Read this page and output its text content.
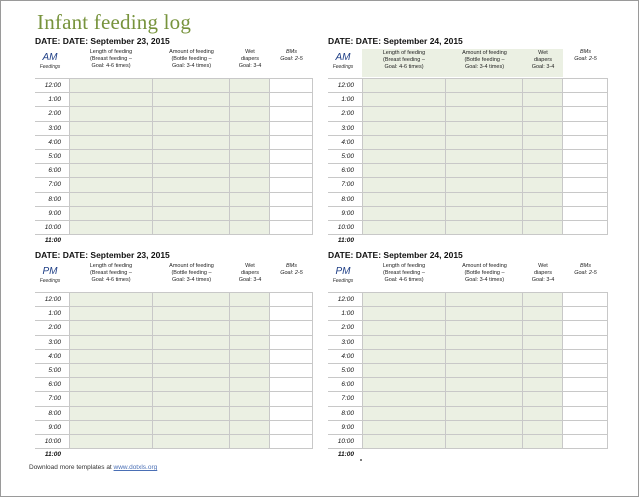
Infant feeding log
DATE: DATE: September 23, 2015
AM
Feedings
Length of feeding
(Breast feeding –
Goal: 4-6 times)
Amount of feeding
(Bottle feeding –
Goal: 3-4 times)
Wet
diapers
Goal: 3-4
BMs
Goal: 2-5
12:00
1:00
2:00
3:00
4:00
5:00
6:00
7:00
8:00
9:00
10:00
11:00
DATE: DATE: September 24, 2015
AM
Feedings
Length of feeding
(Breast feeding –
Goal: 4-6 times)
Amount of feeding
(Bottle feeding –
Goal: 3-4 times)
Wet
diapers
Goal: 3-4
BMs
Goal: 2-5
12:00
1:00
2:00
3:00
4:00
5:00
6:00
7:00
8:00
9:00
10:00
11:00
DATE: DATE: September 23, 2015
PM
Feedings
Length of feeding
(Breast feeding –
Goal: 4-6 times)
Amount of feeding
(Bottle feeding –
Goal: 3-4 times)
Wet
diapers
Goal: 3-4
BMs
Goal: 2-5
12:00
1:00
2:00
3:00
4:00
5:00
6:00
7:00
8:00
9:00
10:00
11:00
DATE: DATE: September 24, 2015
PM
Feedings
Length of feeding
(Breast feeding –
Goal: 4-6 times)
Amount of feeding
(Bottle feeding –
Goal: 3-4 times)
Wet
diapers
Goal: 3-4
BMs
Goal: 2-5
12:00
1:00
2:00
3:00
4:00
5:00
6:00
7:00
8:00
9:00
10:00
11:00
Download more templates at www.dotxls.org
